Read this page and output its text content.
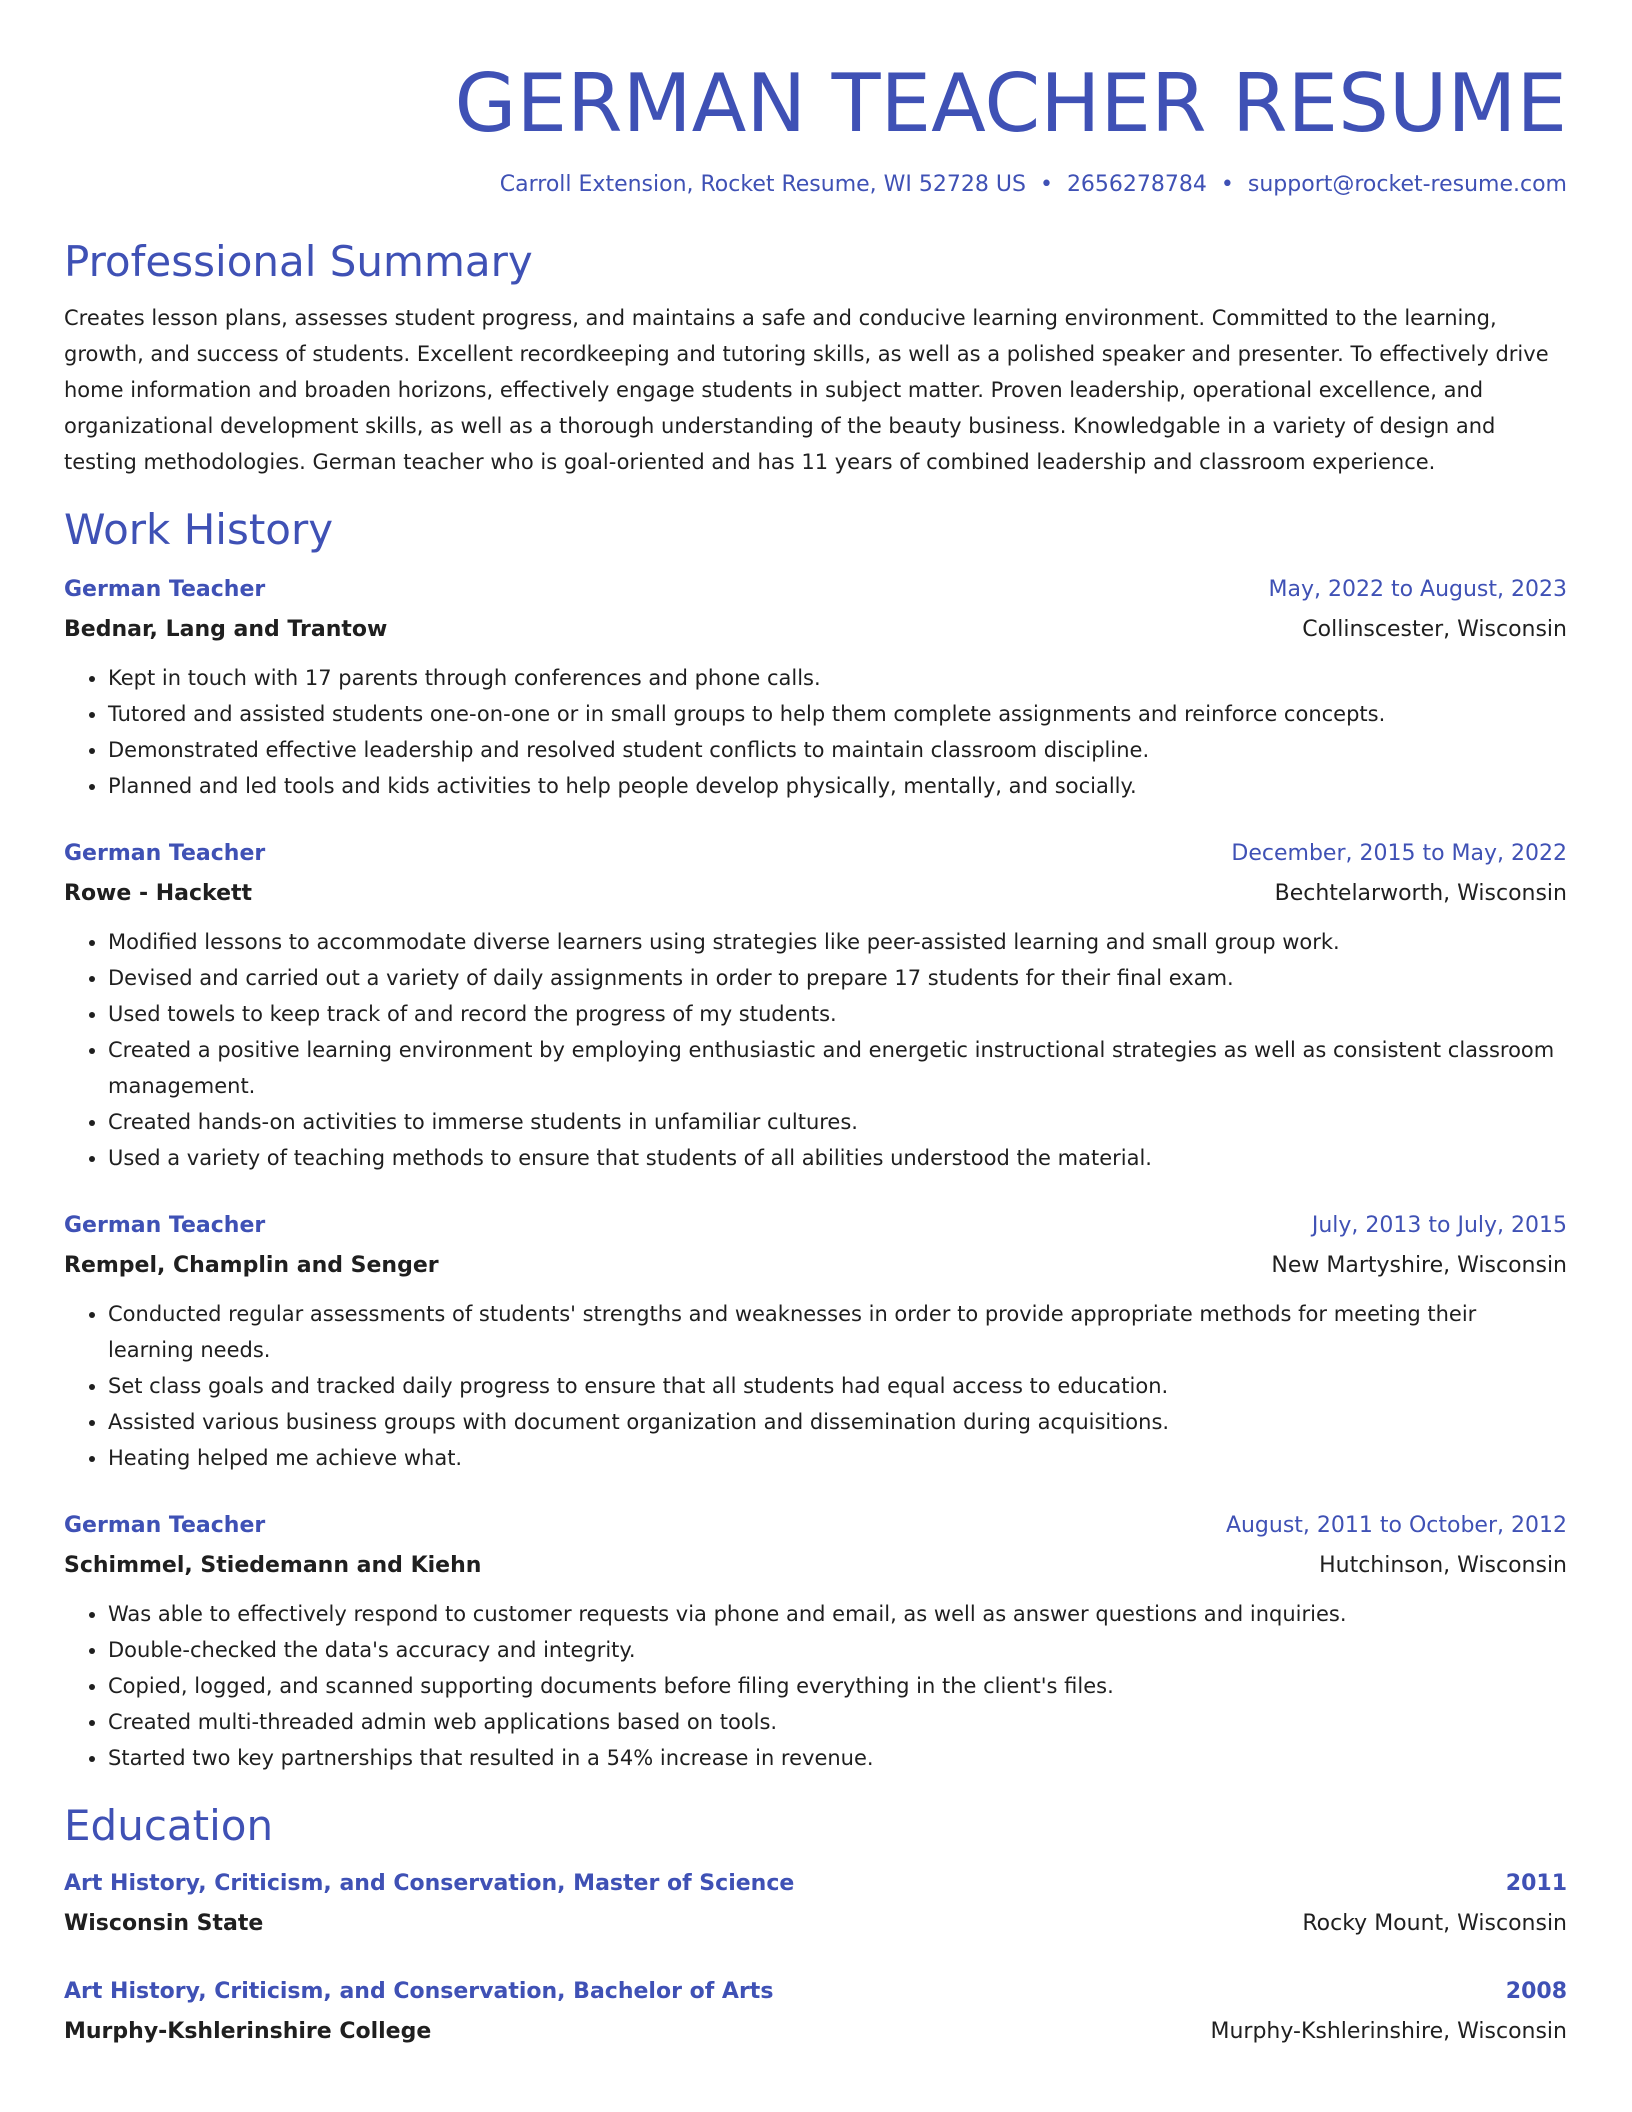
GERMAN TEACHER RESUME
Carroll Extension, Rocket Resume, WI 52728 US • 2656278784 • support@rocket-resume.com
Professional Summary

Creates lesson plans, assesses student progress, and maintains a safe and conducive learning environment. Committed to the learning, growth, and success of students. Excellent recordkeeping and tutoring skills, as well as a polished speaker and presenter. To effectively drive home information and broaden horizons, effectively engage students in subject matter. Proven leadership, operational excellence, and organizational development skills, as well as a thorough understanding of the beauty business. Knowledgable in a variety of design and testing methodologies. German teacher who is goal-oriented and has 11 years of combined leadership and classroom experience.

Work History
German Teacher	May, 2022 to August, 2023
Bednar, Lang and Trantow	Collinscester, Wisconsin
• Kept in touch with 17 parents through conferences and phone calls.
• Tutored and assisted students one-on-one or in small groups to help them complete assignments and reinforce concepts.
• Demonstrated effective leadership and resolved student conflicts to maintain classroom discipline.
• Planned and led tools and kids activities to help people develop physically, mentally, and socially.
German Teacher	December, 2015 to May, 2022
Rowe - Hackett	Bechtelarworth, Wisconsin
• Modified lessons to accommodate diverse learners using strategies like peer-assisted learning and small group work.
• Devised and carried out a variety of daily assignments in order to prepare 17 students for their final exam.
• Used towels to keep track of and record the progress of my students.
• Created a positive learning environment by employing enthusiastic and energetic instructional strategies as well as consistent classroom management.
• Created hands-on activities to immerse students in unfamiliar cultures.
• Used a variety of teaching methods to ensure that students of all abilities understood the material.
German Teacher	July, 2013 to July, 2015
Rempel, Champlin and Senger	New Martyshire, Wisconsin
• Conducted regular assessments of students' strengths and weaknesses in order to provide appropriate methods for meeting their learning needs.
• Set class goals and tracked daily progress to ensure that all students had equal access to education.
• Assisted various business groups with document organization and dissemination during acquisitions.
• Heating helped me achieve what.
German Teacher	August, 2011 to October, 2012
Schimmel, Stiedemann and Kiehn	Hutchinson, Wisconsin
• Was able to effectively respond to customer requests via phone and email, as well as answer questions and inquiries.
• Double-checked the data's accuracy and integrity.
• Copied, logged, and scanned supporting documents before filing everything in the client's files.
• Created multi-threaded admin web applications based on tools.
• Started two key partnerships that resulted in a 54% increase in revenue.
Education
Art History, Criticism, and Conservation, Master of Science	2011
Wisconsin State	Rocky Mount, Wisconsin
Art History, Criticism, and Conservation, Bachelor of Arts	2008
Murphy-Kshlerinshire College	Murphy-Kshlerinshire, Wisconsin
